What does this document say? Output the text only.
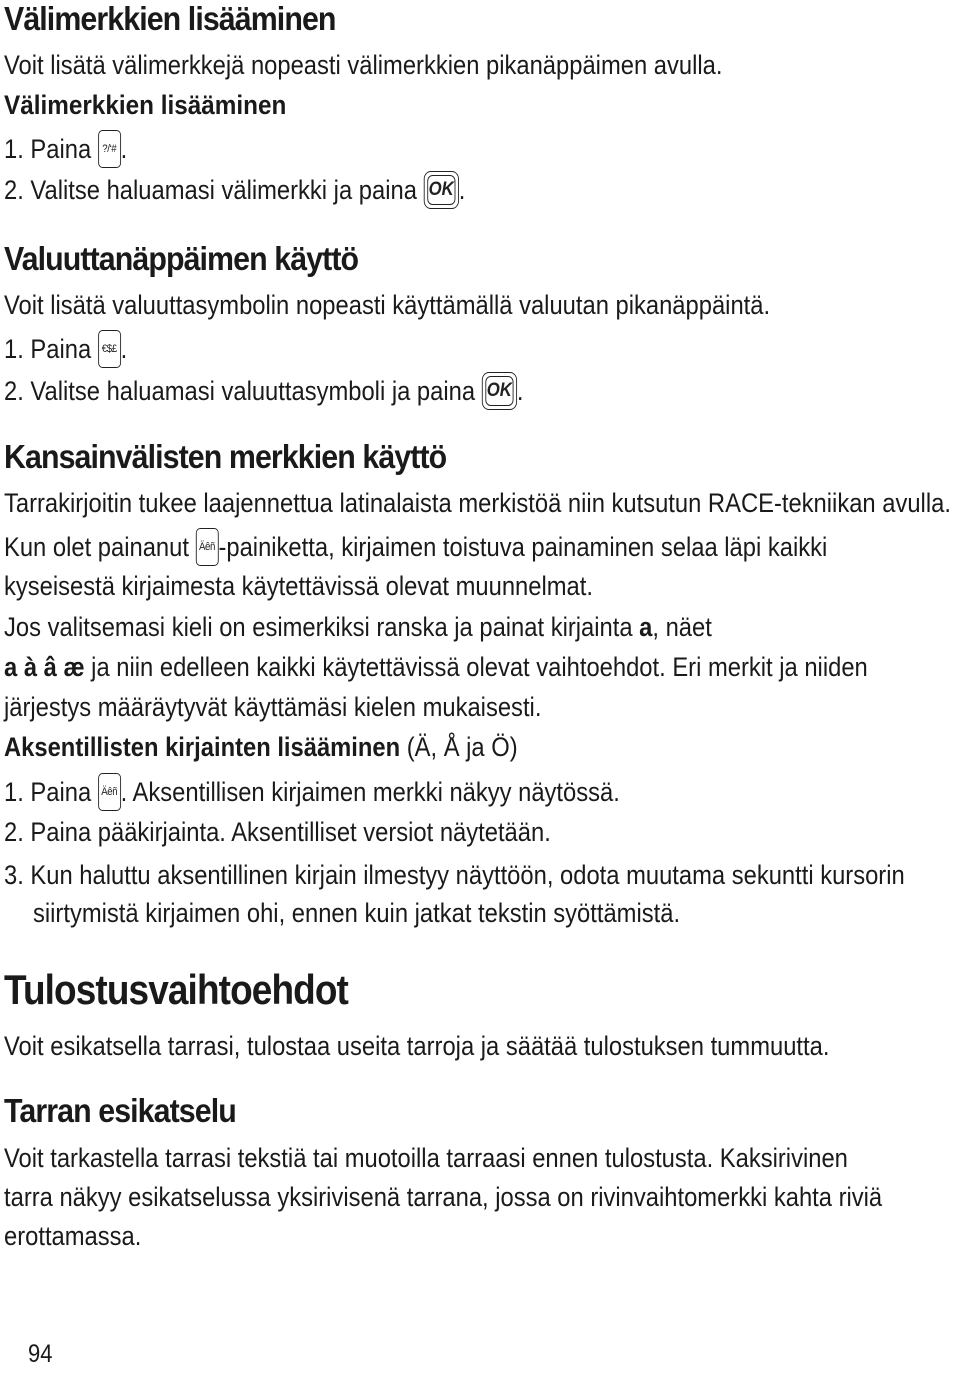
Välimerkkien lisääminen
Voit lisätä välimerkkejä nopeasti välimerkkien pikanäppäimen avulla.
Välimerkkien lisääminen
1. Paina ?/‘# .
2. Valitse haluamasi välimerkki ja paina OK .
Valuuttanäppäimen käyttö
Voit lisätä valuuttasymbolin nopeasti käyttämällä valuutan pikanäppäintä.
1. Paina €$£ .
2. Valitse haluamasi valuuttasymboli ja paina OK .
Kansainvälisten merkkien käyttö
Tarrakirjoitin tukee laajennettua latinalaista merkistöä niin kutsutun RACE-tekniikan avulla.
Kun olet painanut Äêñ -painiketta, kirjaimen toistuva painaminen selaa läpi kaikki
kyseisestä kirjaimesta käytettävissä olevat muunnelmat.
Jos valitsemasi kieli on esimerkiksi ranska ja painat kirjainta a, näet
a à â æ ja niin edelleen kaikki käytettävissä olevat vaihtoehdot. Eri merkit ja niiden
järjestys määräytyvät käyttämäsi kielen mukaisesti.
Aksentillisten kirjainten lisääminen (Ä, Å ja Ö)
1. Paina Äêñ . Aksentillisen kirjaimen merkki näkyy näytössä.
2. Paina pääkirjainta. Aksentilliset versiot näytetään.
3. Kun haluttu aksentillinen kirjain ilmestyy näyttöön, odota muutama sekuntti kursorin
siirtymistä kirjaimen ohi, ennen kuin jatkat tekstin syöttämistä.
Tulostusvaihtoehdot
Voit esikatsella tarrasi, tulostaa useita tarroja ja säätää tulostuksen tummuutta.
Tarran esikatselu
Voit tarkastella tarrasi tekstiä tai muotoilla tarraasi ennen tulostusta. Kaksirivinen
tarra näkyy esikatselussa yksirivisenä tarrana, jossa on rivinvaihtomerkki kahta riviä
erottamassa.
94
